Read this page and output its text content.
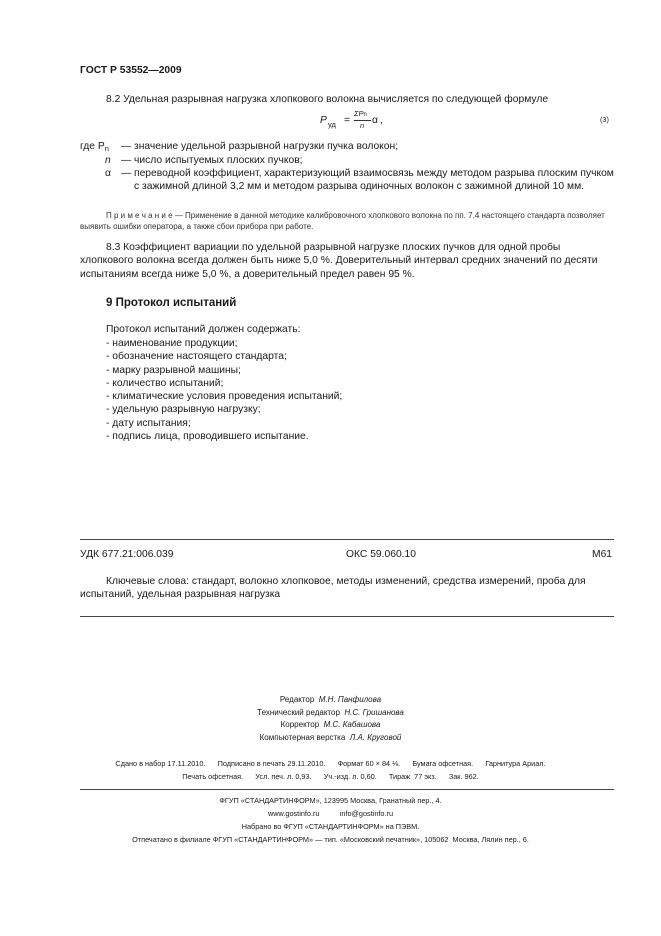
ГОСТ Р 53552—2009
8.2 Удельная разрывная нагрузка хлопкового волокна вычисляется по следующей формуле
P уд =
ΣPn
n α ,	(3)
где Pn — значение удельной разрывной нагрузки пучка волокон;
n — число испытуемых плоских пучков;
α — переводной коэффициент, характеризующий взаимосвязь между методом разрыва плоским пучком с зажимной длиной 3,2 мм и методом разрыва одиночных волокон с зажимной длиной 10 мм.
П р и м е ч а н и е — Применение в данной методике калибровочного хлопкового волокна по пп. 7.4 настоящего стандарта позволяет выявить ошибки оператора, а также сбои прибора при работе.
8.3 Коэффициент вариации по удельной разрывной нагрузке плоских пучков для одной пробы хлопкового волокна всегда должен быть ниже 5,0 %. Доверительный интервал средних значений по десяти испытаниям всегда ниже 5,0 %, а доверительный предел равен 95 %.
9 Протокол испытаний
Протокол испытаний должен содержать:
- наименование продукции;
- обозначение настоящего стандарта;
- марку разрывной машины;
- количество испытаний;
- климатические условия проведения испытаний;
- удельную разрывную нагрузку;
- дату испытания;
- подпись лица, проводившего испытание.
УДК 677.21:006.039	ОКС 59.060.10	М61
Ключевые слова: стандарт, волокно хлопковое, методы изменений, средства измерений, проба для испытаний, удельная разрывная нагрузка
Редактор М.Н. Панфилова
Технический редактор Н.С. Гришанова
Корректор М.С. Кабашова
Компьютерная верстка Л.А. Круговой
Сдано в набор 17.11.2010.      Подписано в печать 29.11.2010.      Формат 60 × 84 ⅛.      Бумага офсетная.      Гарнитура Ариал.
Печать офсетная.      Усл. печ. л. 0,93.      Уч.-изд. л. 0,60.      Тираж  77 экз.      Зак. 962.
ФГУП «СТАНДАРТИНФОРМ», 123995 Москва, Гранатный пер., 4.
www.gostinfo.ru          info@gostinfo.ru
Набрано во ФГУП «СТАНДАРТИНФОРМ» на ПЭВМ.
Отпечатано в филиале ФГУП «СТАНДАРТИНФОРМ» — тип. «Московский печатник», 105062  Москва, Лялин пер., 6.
